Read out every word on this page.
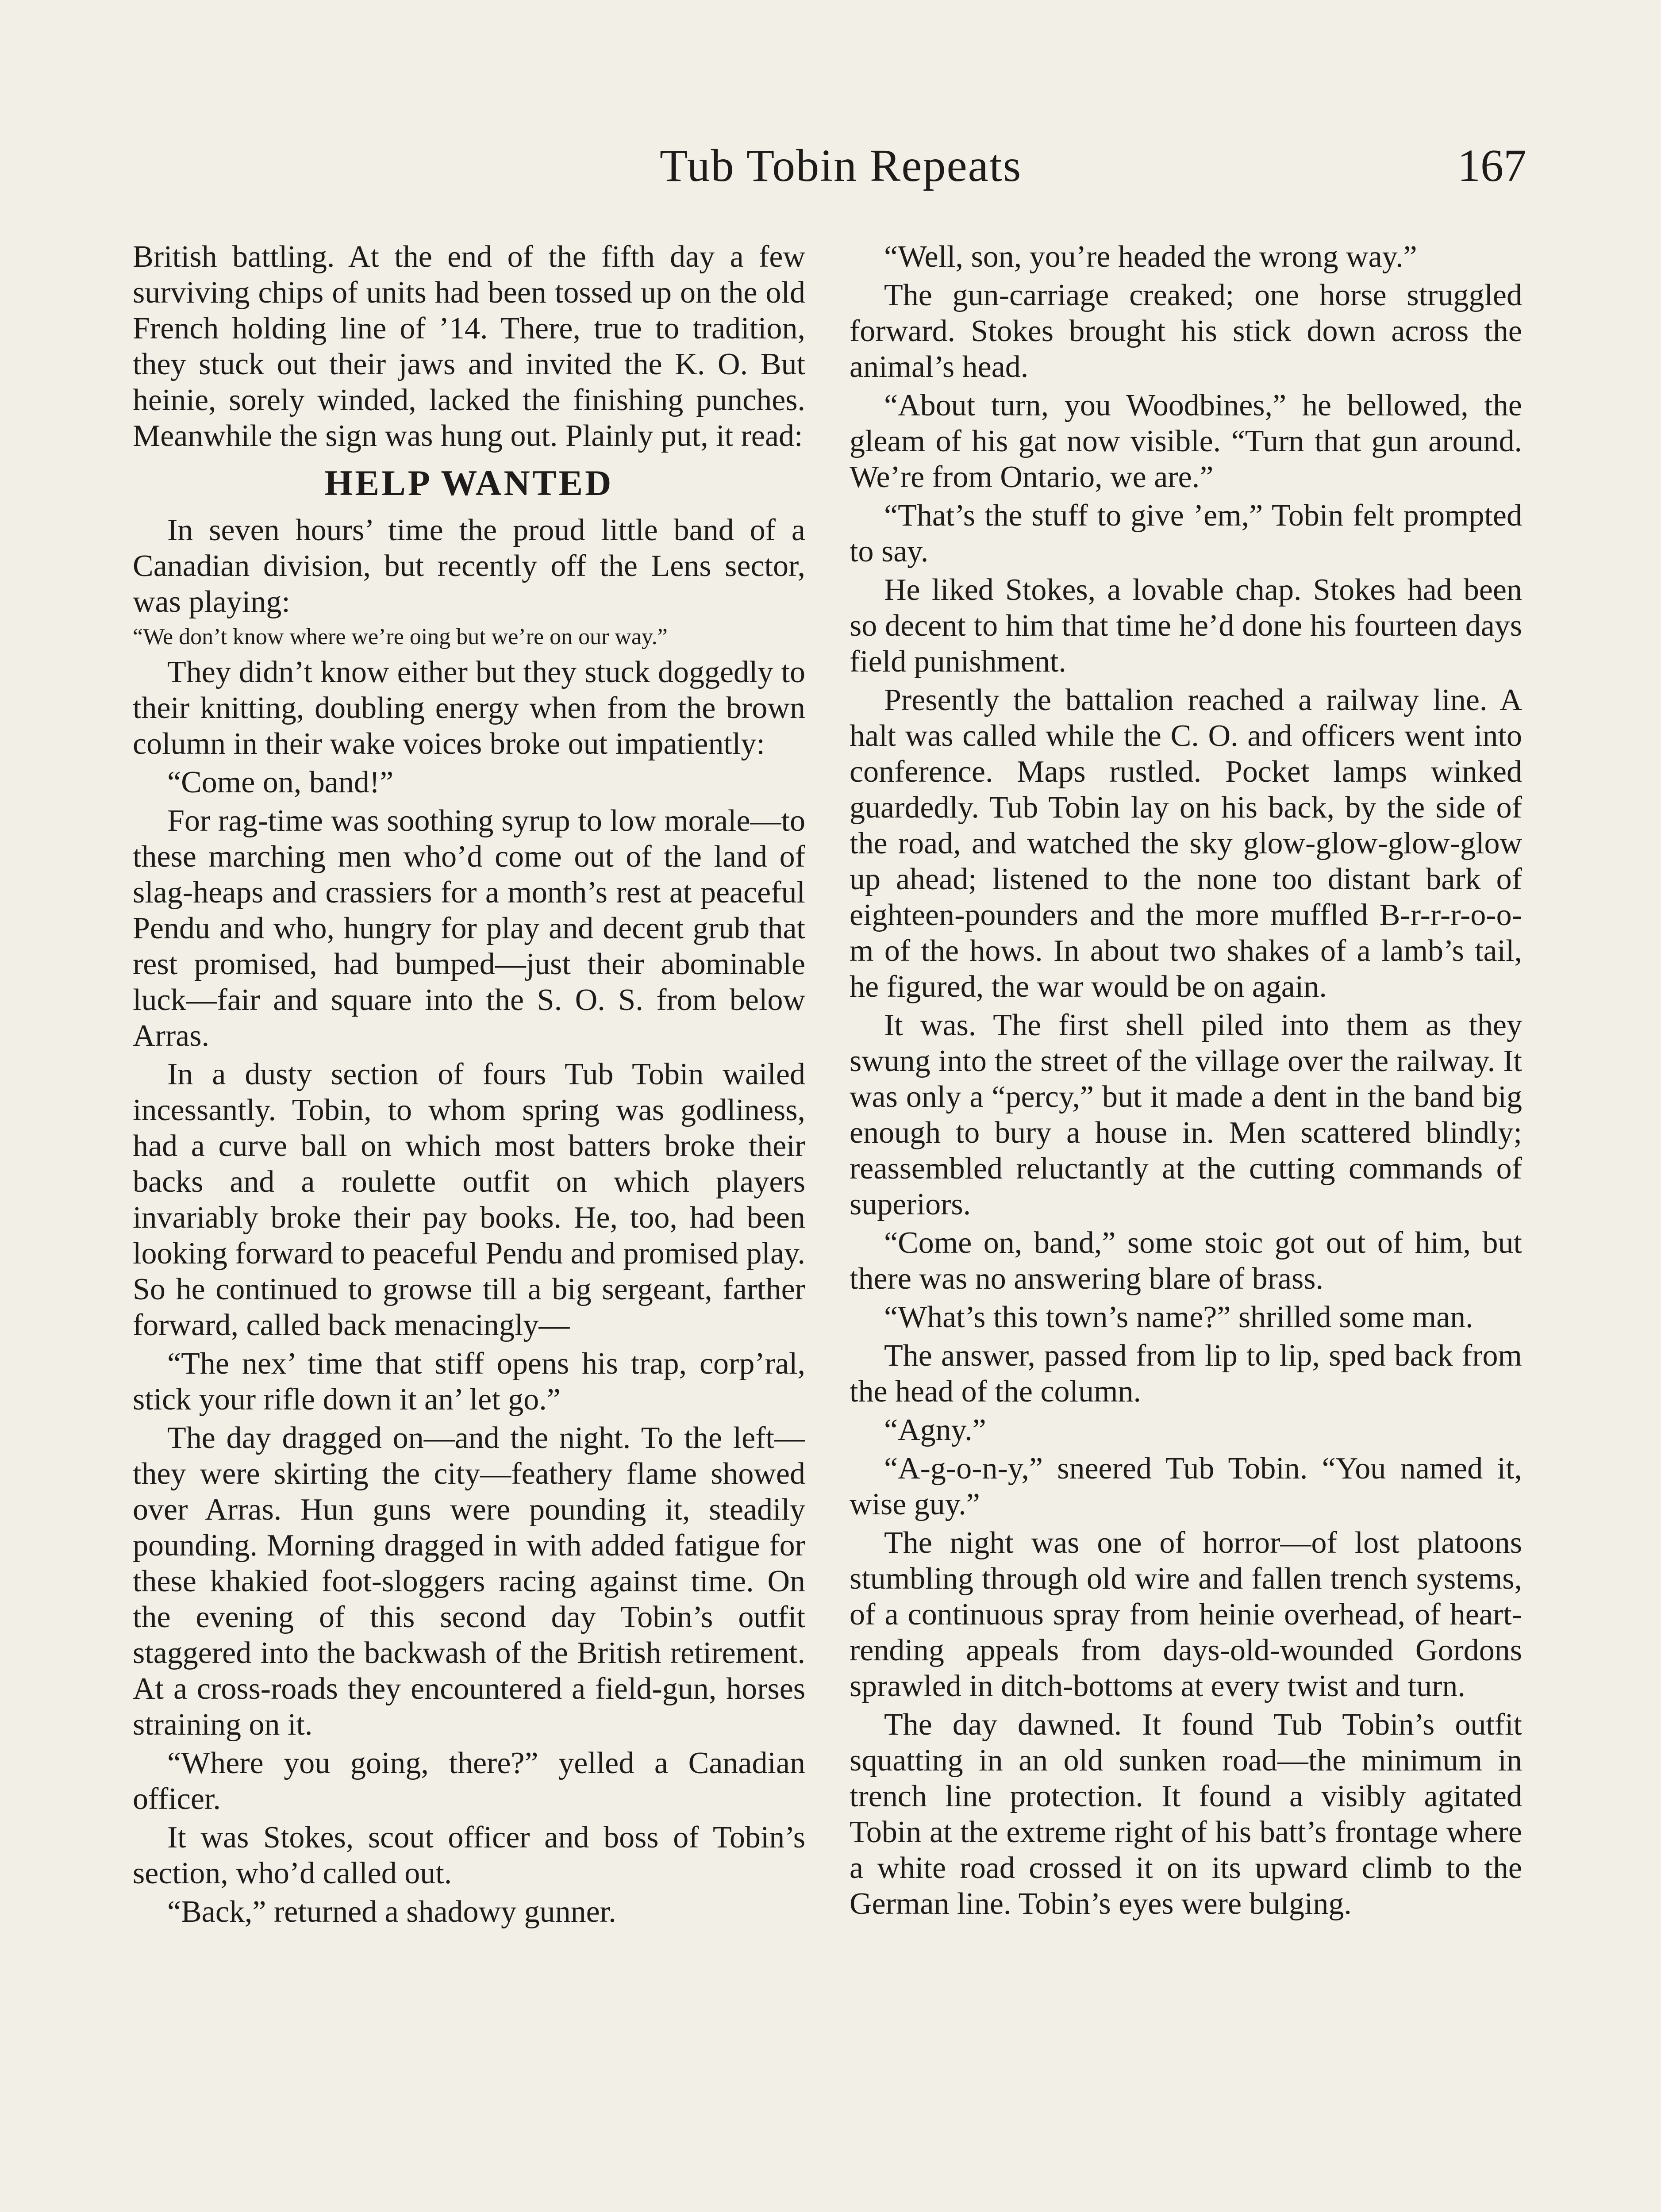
Tub Tobin Repeats	167

British battling. At the end of the fifth day a few surviving chips of units had been tossed up on the old French holding line of ’14. There, true to tradition, they stuck out their jaws and invited the K. O. But heinie, sorely winded, lacked the finishing punches. Meanwhile the sign was hung out. Plainly put, it read:

HELP WANTED

In seven hours’ time the proud little band of a Canadian division, but recently off the Lens sector, was playing:

“We don’t know where we’re oing but we’re on our way.”

They didn’t know either but they stuck doggedly to their knitting, doubling energy when from the brown column in their wake voices broke out impatiently:

“Come on, band!”

For rag-time was soothing syrup to low morale—to these marching men who’d come out of the land of slag-heaps and crassiers for a month’s rest at peaceful Pendu and who, hungry for play and decent grub that rest promised, had bumped—just their abominable luck—fair and square into the S. O. S. from below Arras.

In a dusty section of fours Tub Tobin wailed incessantly. Tobin, to whom spring was godliness, had a curve ball on which most batters broke their backs and a roulette outfit on which players invariably broke their pay books. He, too, had been looking forward to peaceful Pendu and promised play. So he continued to growse till a big sergeant, farther forward, called back menacingly—

“The nex’ time that stiff opens his trap, corp’ral, stick your rifle down it an’ let go.”

The day dragged on—and the night. To the left—they were skirting the city—feathery flame showed over Arras. Hun guns were pounding it, steadily pounding. Morning dragged in with added fatigue for these khakied foot-sloggers racing against time. On the evening of this second day Tobin’s outfit staggered into the backwash of the British retirement. At a cross-roads they encountered a field-gun, horses straining on it.

“Where you going, there?” yelled a Canadian officer.

It was Stokes, scout officer and boss of Tobin’s section, who’d called out.

“Back,” returned a shadowy gunner.

“Well, son, you’re headed the wrong way.”

The gun-carriage creaked; one horse struggled forward. Stokes brought his stick down across the animal’s head.

“About turn, you Woodbines,” he bellowed, the gleam of his gat now visible. “Turn that gun around. We’re from Ontario, we are.”

“That’s the stuff to give ’em,” Tobin felt prompted to say.

He liked Stokes, a lovable chap. Stokes had been so decent to him that time he’d done his fourteen days field punishment.

Presently the battalion reached a railway line. A halt was called while the C. O. and officers went into conference. Maps rustled. Pocket lamps winked guardedly. Tub Tobin lay on his back, by the side of the road, and watched the sky glow-glow-glow-glow up ahead; listened to the none too distant bark of eighteen-pounders and the more muffled B-r-r-r-o-o-m of the hows. In about two shakes of a lamb’s tail, he figured, the war would be on again.

It was. The first shell piled into them as they swung into the street of the village over the railway. It was only a “percy,” but it made a dent in the band big enough to bury a house in. Men scattered blindly; reassembled reluctantly at the cutting commands of superiors.

“Come on, band,” some stoic got out of him, but there was no answering blare of brass.

“What’s this town’s name?” shrilled some man.

The answer, passed from lip to lip, sped back from the head of the column.

“Agny.”

“A-g-o-n-y,” sneered Tub Tobin. “You named it, wise guy.”

The night was one of horror—of lost platoons stumbling through old wire and fallen trench systems, of a continuous spray from heinie overhead, of heart-rending appeals from days-old-wounded Gordons sprawled in ditch-bottoms at every twist and turn.

The day dawned. It found Tub Tobin’s outfit squatting in an old sunken road—the minimum in trench line protection. It found a visibly agitated Tobin at the extreme right of his batt’s frontage where a white road crossed it on its upward climb to the German line. Tobin’s eyes were bulging.
